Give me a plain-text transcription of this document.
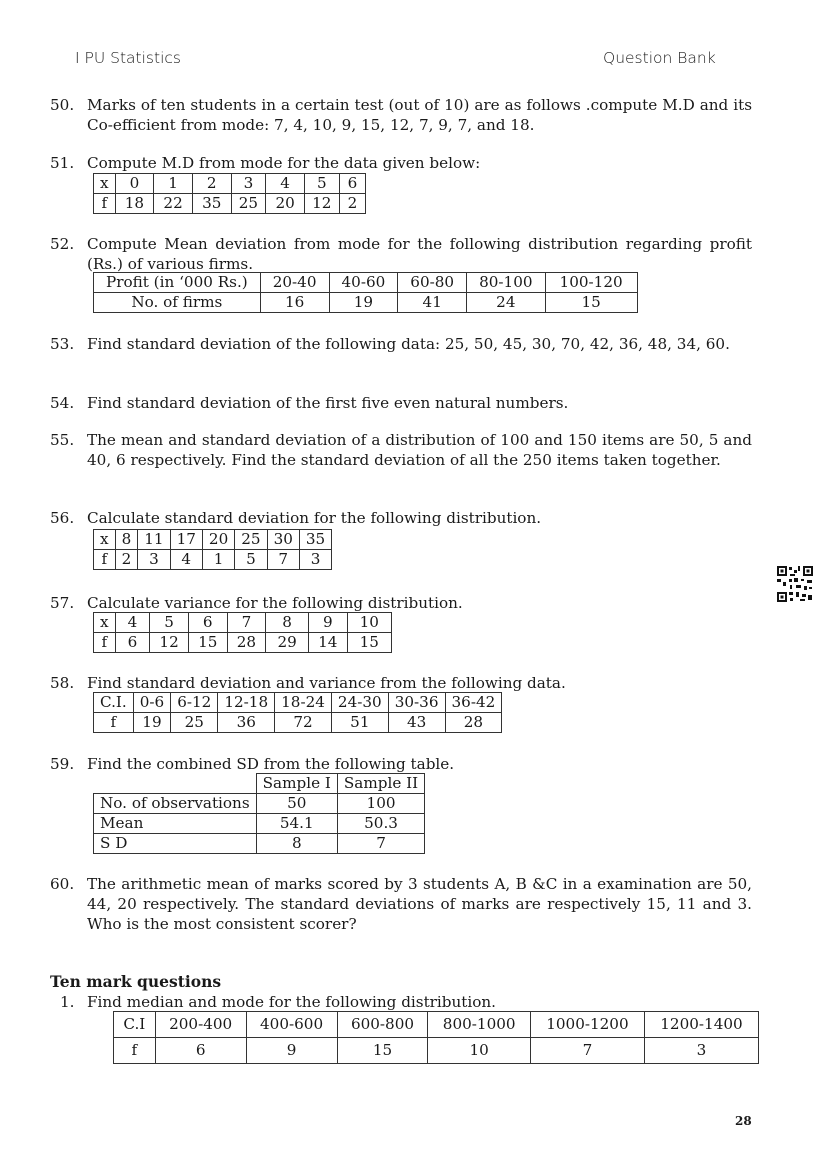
I PU Statistics	Question Bank
50. Marks of ten students in a certain test (out of 10) are as follows .compute M.D and its Co-efficient from mode: 7, 4, 10, 9, 15, 12, 7, 9, 7, and 18.
51. Compute M.D from mode for the data given below:
x	0	1	2	3	4	5	6
f	18	22	35	25	20	12	2
52. Compute Mean deviation from mode for the following distribution regarding profit (Rs.) of various firms.
Profit (in ‘000 Rs.)	20-40	40-60	60-80	80-100	100-120
No. of firms	16	19	41	24	15
53. Find standard deviation of the following data: 25, 50, 45, 30, 70, 42, 36, 48, 34, 60.
54. Find standard deviation of the first five even natural numbers.
55. The mean and standard deviation of a distribution of 100 and 150 items are 50, 5 and 40, 6 respectively. Find the standard deviation of all the 250 items taken together.
56. Calculate standard deviation for the following distribution.
x	8	11	17	20	25	30	35
f	2	3	4	1	5	7	3
57. Calculate variance for the following distribution.
x	4	5	6	7	8	9	10
f	6	12	15	28	29	14	15
58. Find standard deviation and variance from the following data.
C.I.	0-6	6-12	12-18	18-24	24-30	30-36	36-42
f	19	25	36	72	51	43	28
59. Find the combined SD from the following table.
	Sample I	Sample II
No. of observations	50	100
Mean	54.1	50.3
S D	8	7
60. The arithmetic mean of marks scored by 3 students A, B &C in a examination are 50, 44, 20 respectively. The standard deviations of marks are respectively 15, 11 and 3. Who is the most consistent scorer?
Ten mark questions
1. Find median and mode for the following distribution.
C.I	200-400	400-600	600-800	800-1000	1000-1200	1200-1400
f	6	9	15	10	7	3
28
